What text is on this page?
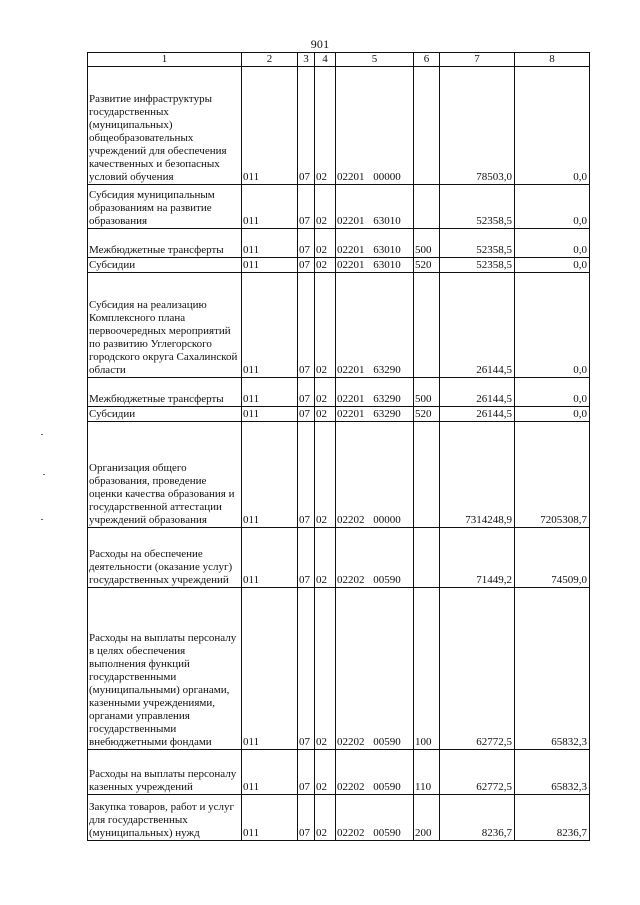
901
1	2	3	4	5	6	7	8
Развитие инфраструктуры государственных (муниципальных) общеобразовательных учреждений для обеспечения качественных и безопасных условий обучения	011	07	02	02201 00000		78503,0	0,0
Субсидия муниципальным образованиям на развитие образования	011	07	02	02201 63010		52358,5	0,0
Межбюджетные трансферты	011	07	02	02201 63010	500	52358,5	0,0
Субсидии	011	07	02	02201 63010	520	52358,5	0,0
Субсидия на реализацию Комплексного плана первоочередных мероприятий по развитию Углегорского городского округа Сахалинской области	011	07	02	02201 63290		26144,5	0,0
Межбюджетные трансферты	011	07	02	02201 63290	500	26144,5	0,0
Субсидии	011	07	02	02201 63290	520	26144,5	0,0
Организация общего образования, проведение оценки качества образования и государственной аттестации учреждений образования	011	07	02	02202 00000		7314248,9	7205308,7
Расходы на обеспечение деятельности (оказание услуг) государственных учреждений	011	07	02	02202 00590		71449,2	74509,0
Расходы на выплаты персоналу в целях обеспечения выполнения функций государственными (муниципальными) органами, казенными учреждениями, органами управления государственными внебюджетными фондами	011	07	02	02202 00590	100	62772,5	65832,3
Расходы на выплаты персоналу казенных учреждений	011	07	02	02202 00590	110	62772,5	65832,3
Закупка товаров, работ и услуг для государственных (муниципальных) нужд	011	07	02	02202 00590	200	8236,7	8236,7
